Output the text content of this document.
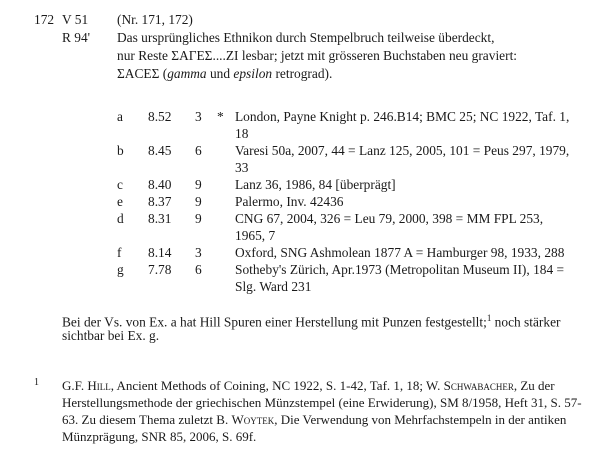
172 V 51
R 94'
(Nr. 171, 172)
Das ursprüngliches Ethnikon durch Stempelbruch teilweise überdeckt,
nur Reste ΣΑΓΕΣ....ZI lesbar; jetzt mit grösseren Buchstaben neu graviert:
ΣΑCΕΣ (gamma und epsilon retrograd).
a 8.52 3 * London, Payne Knight p. 246.B14; BMC 25; NC 1922, Taf. 1,
18
b 8.45 6 Varesi 50a, 2007, 44 = Lanz 125, 2005, 101 = Peus 297, 1979,
33
c 8.40 9 Lanz 36, 1986, 84 [überprägt]
e 8.37 9 Palermo, Inv. 42436
d 8.31 9 CNG 67, 2004, 326 = Leu 79, 2000, 398 = MM FPL 253,
1965, 7
f 8.14 3 Oxford, SNG Ashmolean 1877 A = Hamburger 98, 1933, 288
g 7.78 6 Sotheby's Zürich, Apr.1973 (Metropolitan Museum II), 184 =
Slg. Ward 231
Bei der Vs. von Ex. a hat Hill Spuren einer Herstellung mit Punzen festgestellt;$^1$ noch stärker
sichtbar bei Ex. g.
1 G.F. Hill, Ancient Methods of Coining, NC 1922, S. 1-42, Taf. 1, 18; W. Schwabacher, Zu der
Herstellungsmethode der griechischen Münzstempel (eine Erwiderung), SM 8/1958, Heft 31, S. 57-
63. Zu diesem Thema zuletzt B. Woytek, Die Verwendung von Mehrfachstempeln in der antiken
Münzprägung, SNR 85, 2006, S. 69f.
